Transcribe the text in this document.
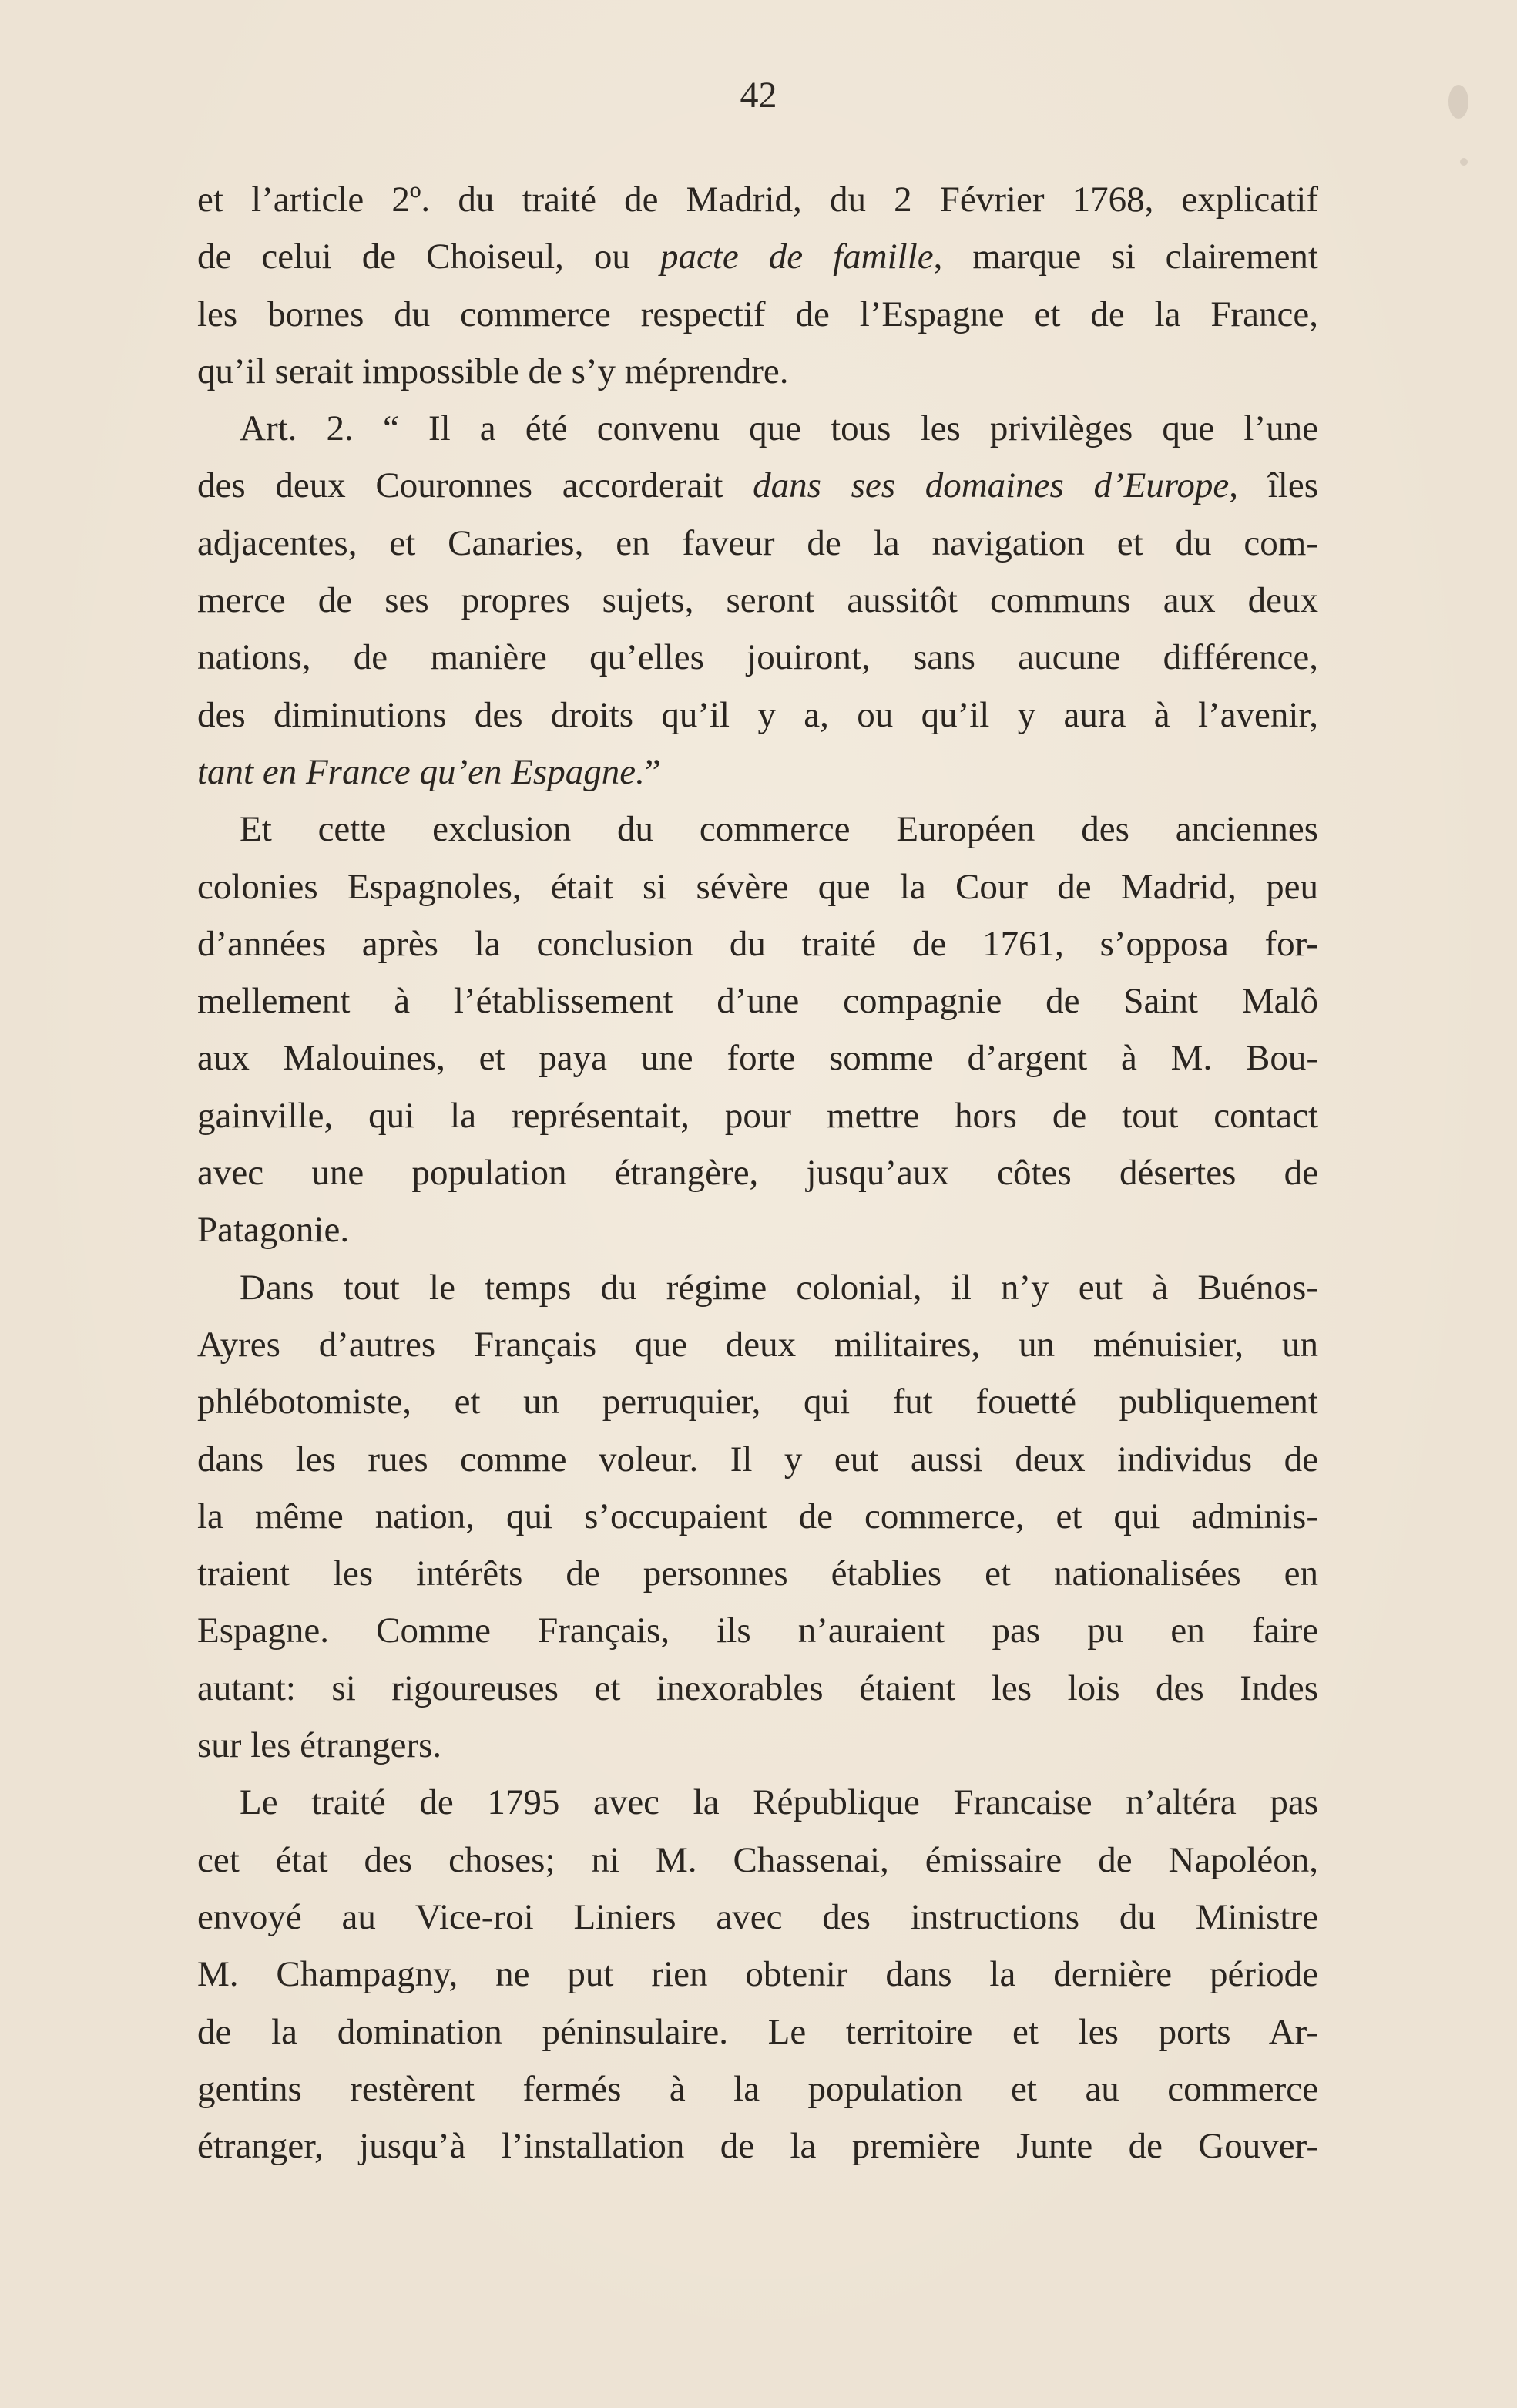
42
et l’article 2º. du traité de Madrid, du 2 Février 1768, explicatif
de celui de Choiseul, ou pacte de famille, marque si clairement
les bornes du commerce respectif de l’Espagne et de la France,
qu’il serait impossible de s’y méprendre.
Art. 2. “ Il a été convenu que tous les privilèges que l’une
des deux Couronnes accorderait dans ses domaines d’Europe, îles
adjacentes, et Canaries, en faveur de la navigation et du com-
merce de ses propres sujets, seront aussitôt communs aux deux
nations, de manière qu’elles jouiront, sans aucune différence,
des diminutions des droits qu’il y a, ou qu’il y aura à l’avenir,
tant en France qu’en Espagne.”
Et cette exclusion du commerce Européen des anciennes
colonies Espagnoles, était si sévère que la Cour de Madrid, peu
d’années après la conclusion du traité de 1761, s’opposa for-
mellement à l’établissement d’une compagnie de Saint Malô
aux Malouines, et paya une forte somme d’argent à M. Bou-
gainville, qui la représentait, pour mettre hors de tout contact
avec une population étrangère, jusqu’aux côtes désertes de
Patagonie.
Dans tout le temps du régime colonial, il n’y eut à Buénos-
Ayres d’autres Français que deux militaires, un ménuisier, un
phlébotomiste, et un perruquier, qui fut fouetté publiquement
dans les rues comme voleur. Il y eut aussi deux individus de
la même nation, qui s’occupaient de commerce, et qui adminis-
traient les intérêts de personnes établies et nationalisées en
Espagne. Comme Français, ils n’auraient pas pu en faire
autant: si rigoureuses et inexorables étaient les lois des Indes
sur les étrangers.
Le traité de 1795 avec la République Francaise n’altéra pas
cet état des choses; ni M. Chassenai, émissaire de Napoléon,
envoyé au Vice-roi Liniers avec des instructions du Ministre
M. Champagny, ne put rien obtenir dans la dernière période
de la domination péninsulaire. Le territoire et les ports Ar-
gentins restèrent fermés à la population et au commerce
étranger, jusqu’à l’installation de la première Junte de Gouver-
